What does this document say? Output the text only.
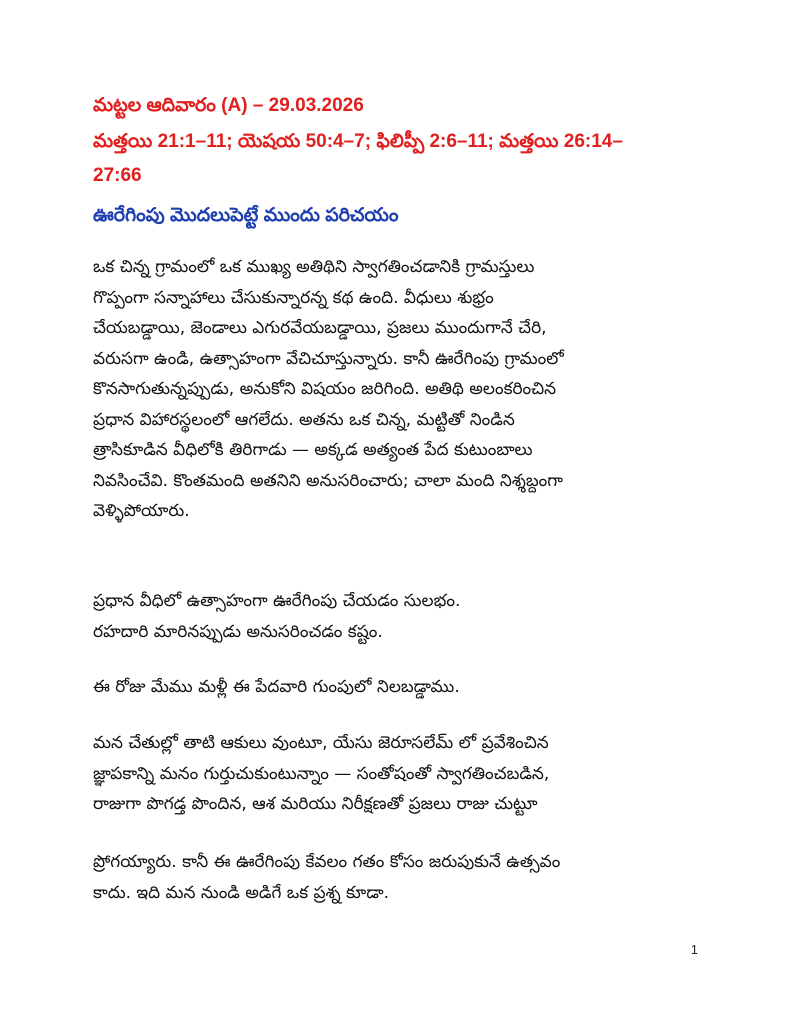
మట్టల ఆదివారం (A) – 29.03.2026

మత్తయి 21:1–11; యెషయ 50:4–7; ఫిలిప్పీ 2:6–11; మత్తయి 26:14–

27:66

ఊరేగింపు మొదలుపెట్టే ముందు పరిచయం

ఒక చిన్న గ్రామంలో ఒక ముఖ్య అతిథిని స్వాగతించడానికి గ్రామస్తులు
గొప్పంగా సన్నాహాలు చేసుకున్నారన్న కథ ఉంది. వీధులు శుభ్రం
చేయబడ్డాయి, జెండాలు ఎగురవేయబడ్డాయి, ప్రజలు ముందుగానే చేరి,
వరుసగా ఉండి, ఉత్సాహంగా వేచిచూస్తున్నారు. కానీ ఊరేగింపు గ్రామంలో
కొనసాగుతున్నప్పుడు, అనుకోని విషయం జరిగింది. అతిథి అలంకరించిన
ప్రధాన విహారస్థలంలో ఆగలేదు. అతను ఒక చిన్న, మట్టితో నిండిన
త్రాసికూడిన వీధిలోకి తిరిగాడు — అక్కడ అత్యంత పేద కుటుంబాలు
నివసించేవి. కొంతమంది అతనిని అనుసరించారు; చాలా మంది నిశ్శబ్దంగా
వెళ్ళిపోయారు.
ప్రధాన వీధిలో ఉత్సాహంగా ఊరేగింపు చేయడం సులభం.
రహదారి మారినప్పుడు అనుసరించడం కష్టం.
ఈ రోజు మేము మళ్లీ ఈ పేదవారి గుంపులో నిలబడ్డాము.
మన చేతుల్లో తాటి ఆకులు వుంటూ, యేసు జెరూసలేమ్ లో ప్రవేశించిన
జ్ఞాపకాన్ని మనం గుర్తుచుకుంటున్నాం — సంతోషంతో స్వాగతించబడిన,
రాజుగా పొగడ్త పొందిన, ఆశ మరియు నిరీక్షణతో ప్రజలు రాజు చుట్టూ
ప్రోగయ్యారు. కానీ ఈ ఊరేగింపు కేవలం గతం కోసం జరుపుకునే ఉత్సవం
కాదు. ఇది మన నుండి అడిగే ఒక ప్రశ్న కూడా.
1
